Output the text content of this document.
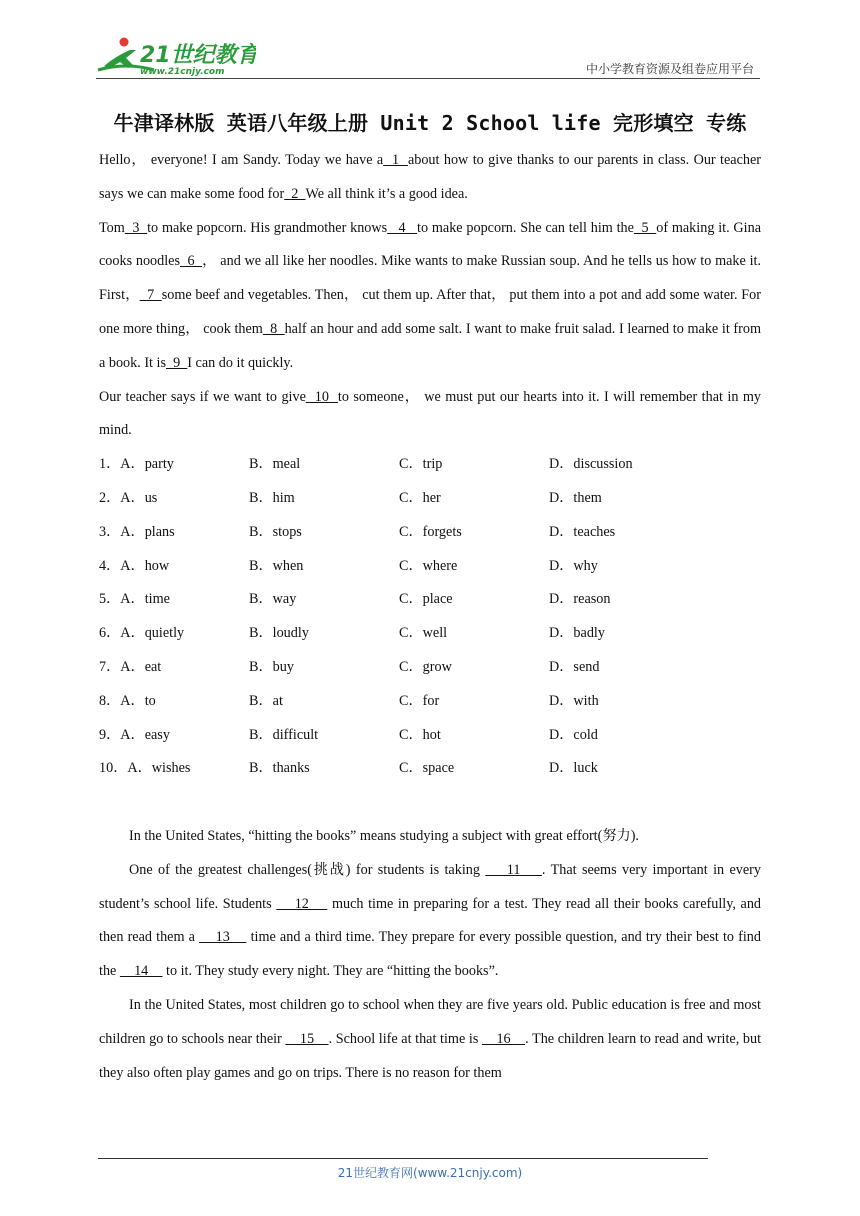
21世纪教育
www.21cnjy.com	中小学教育资源及组卷应用平台
牛津译林版 英语八年级上册 Unit 2 School life 完形填空 专练

Hello， everyone! I am Sandy. Today we have a  1  about how to give thanks to our parents in class. Our teacher says we can make some food for  2  We all think it’s a good idea.

Tom  3  to make popcorn. His grandmother knows   4   to make popcorn. She can tell him the  5  of making it. Gina cooks noodles  6  ， and we all like her noodles. Mike wants to make Russian soup. And he tells us how to make it. First，  7  some beef and vegetables. Then， cut them up. After that， put them into a pot and add some water. For one more thing， cook them  8  half an hour and add some salt. I want to make fruit salad. I learned to make it from a book. It is  9  I can do it quickly.

Our teacher says if we want to give  10  to someone， we must put our hearts into it. I will remember that in my mind.

1．A．party	B．meal	C．trip	D．discussion
2．A．us	B．him	C．her	D．them
3．A．plans	B．stops	C．forgets	D．teaches
4．A．how	B．when	C．where	D．why
5．A．time	B．way	C．place	D．reason
6．A．quietly	B．loudly	C．well	D．badly
7．A．eat	B．buy	C．grow	D．send
8．A．to	B．at	C．for	D．with
9．A．easy	B．difficult	C．hot	D．cold
10．A．wishes	B．thanks	C．space	D．luck

In the United States, “hitting the books” means studying a subject with great effort(努力).

One of the greatest challenges(挑战) for students is taking     11    . That seems very important in every student’s school life. Students     12     much time in preparing for a test. They read all their books carefully, and then read them a     13     time and a third time. They prepare for every possible question, and try their best to find the     14     to it. They study every night. They are “hitting the books”.

In the United States, most children go to school when they are five years old. Public education is free and most children go to schools near their     15    . School life at that time is     16    . The children learn to read and write, but they also often play games and go on trips. There is no reason for them

21世纪教育网(www.21cnjy.com)
